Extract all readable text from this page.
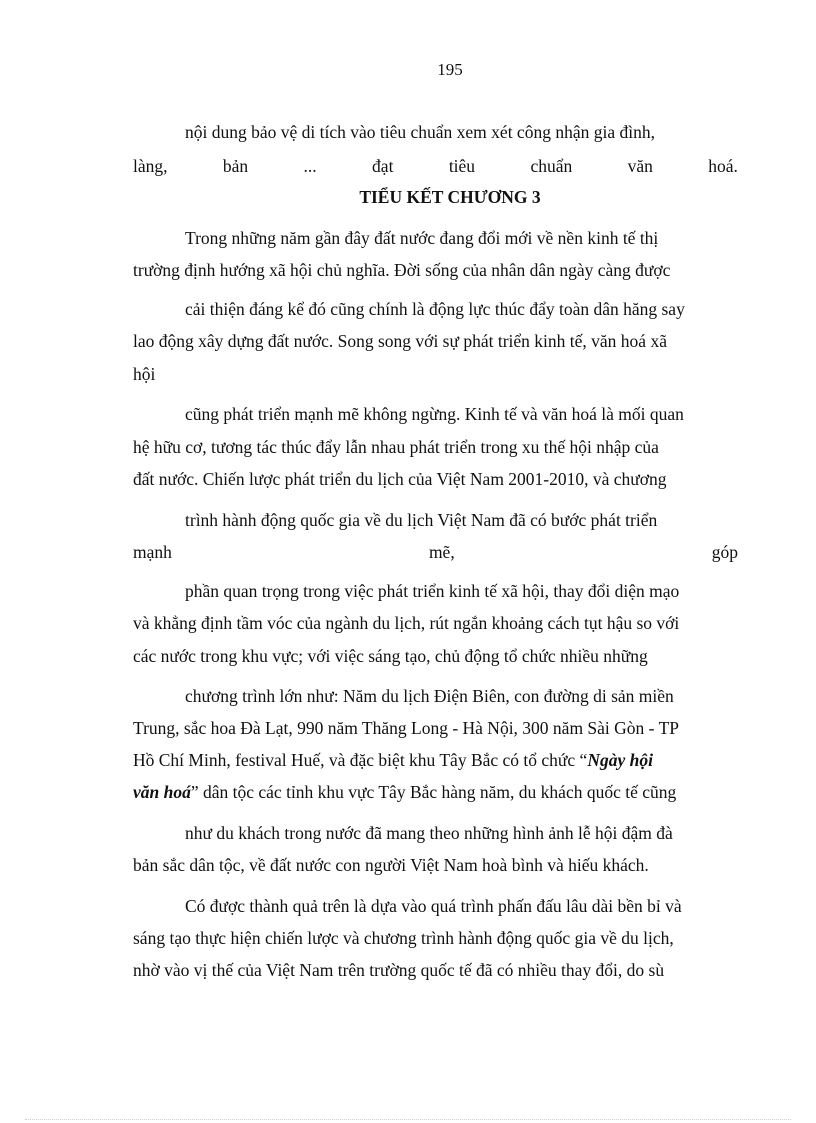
195
nội dung bảo vệ di tích vào tiêu chuẩn xem xét công nhận gia đình,
làng,	bản	...	đạt	tiêu	chuẩn	văn	hoá.
TIỂU KẾT CHƯƠNG 3
Trong những năm gần đây đất nước đang đổi mới về nền kinh tế thị
trường định hướng xã hội chủ nghĩa. Đời sống của nhân dân ngày càng được
cải thiện đáng kể đó cũng chính là động lực thúc đẩy toàn dân hăng say
lao động xây dựng đất nước. Song song với sự phát triển kinh tế, văn hoá xã
hội
cũng phát triển mạnh mẽ không ngừng. Kinh tế và văn hoá là mối quan
hệ hữu cơ, tương tác thúc đẩy lẫn nhau phát triển trong xu thế hội nhập của
đất nước. Chiến lược phát triển du lịch của Việt Nam 2001-2010, và chương
trình hành động quốc gia về du lịch Việt Nam đã có bước phát triển
mạnh	mẽ,	góp
phần quan trọng trong việc phát triển kinh tế xã hội, thay đổi diện mạo
và khẳng định tầm vóc của ngành du lịch, rút ngắn khoảng cách tụt hậu so với
các nước trong khu vực; với việc sáng tạo, chủ động tổ chức nhiều những
chương trình lớn như: Năm du lịch Điện Biên, con đường di sản miền
Trung, sắc hoa Đà Lạt, 990 năm Thăng Long - Hà Nội, 300 năm Sài Gòn - TP
Hồ Chí Minh, festival Huế, và đặc biệt khu Tây Bắc có tổ chức “Ngày hội
văn hoá” dân tộc các tỉnh khu vực Tây Bắc hàng năm, du khách quốc tế cũng
như du khách trong nước đã mang theo những hình ảnh lễ hội đậm đà
bản sắc dân tộc, về đất nước con người Việt Nam hoà bình và hiếu khách.
Có được thành quả trên là dựa vào quá trình phấn đấu lâu dài bền bỉ và
sáng tạo thực hiện chiến lược và chương trình hành động quốc gia về du lịch,
nhờ vào vị thế của Việt Nam trên trường quốc tế đã có nhiều thay đổi, do sù
